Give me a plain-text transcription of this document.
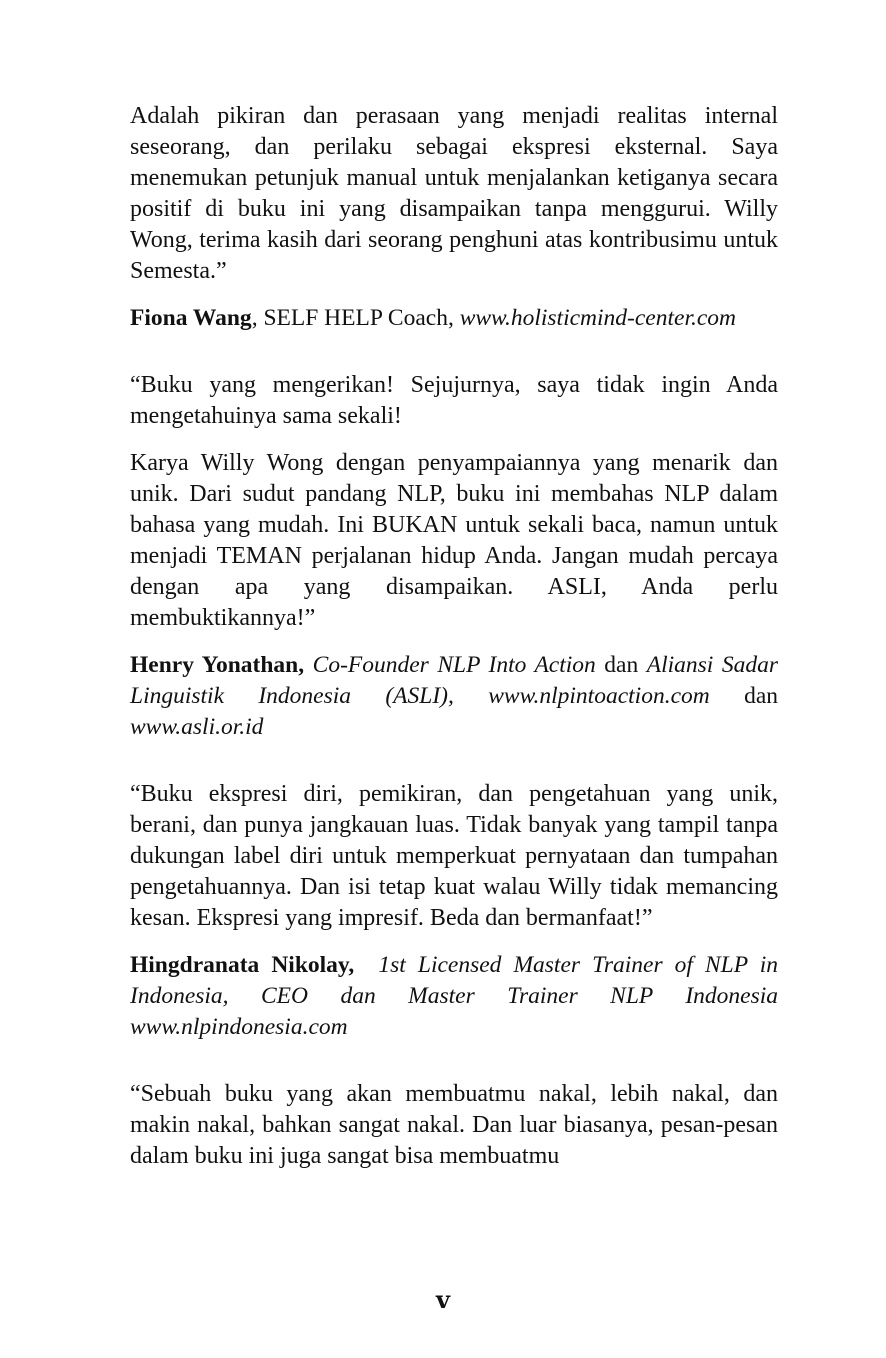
Adalah pikiran dan perasaan yang menjadi realitas internal seseorang, dan perilaku sebagai ekspresi eksternal. Saya menemukan petunjuk manual untuk menjalankan ketiganya secara positif di buku ini yang disampaikan tanpa menggurui. Willy Wong, terima kasih dari seorang penghuni atas kontribusimu untuk Semesta.”

Fiona Wang, SELF HELP Coach, www.holisticmind-center.com

“Buku yang mengerikan! Sejujurnya, saya tidak ingin Anda mengetahuinya sama sekali!

Karya Willy Wong dengan penyampaiannya yang menarik dan unik. Dari sudut pandang NLP, buku ini membahas NLP dalam bahasa yang mudah. Ini BUKAN untuk sekali baca, namun untuk menjadi TEMAN perjalanan hidup Anda. Jangan mudah percaya dengan apa yang disampaikan. ASLI, Anda perlu membuktikannya!”

Henry Yonathan, Co-Founder NLP Into Action dan Aliansi Sadar Linguistik Indonesia (ASLI), www.nlpintoaction.com dan www.asli.or.id

“Buku ekspresi diri, pemikiran, dan pengetahuan yang unik, berani, dan punya jangkauan luas. Tidak banyak yang tampil tanpa dukungan label diri untuk memperkuat pernyataan dan tumpahan pengetahuannya. Dan isi tetap kuat walau Willy tidak memancing kesan. Ekspresi yang impresif. Beda dan bermanfaat!”

Hingdranata Nikolay, 1st Licensed Master Trainer of NLP in Indonesia, CEO dan Master Trainer NLP Indonesia www.nlpindonesia.com

“Sebuah buku yang akan membuatmu nakal, lebih nakal, dan makin nakal, bahkan sangat nakal. Dan luar biasanya, pesan-pesan dalam buku ini juga sangat bisa membuatmu

v
